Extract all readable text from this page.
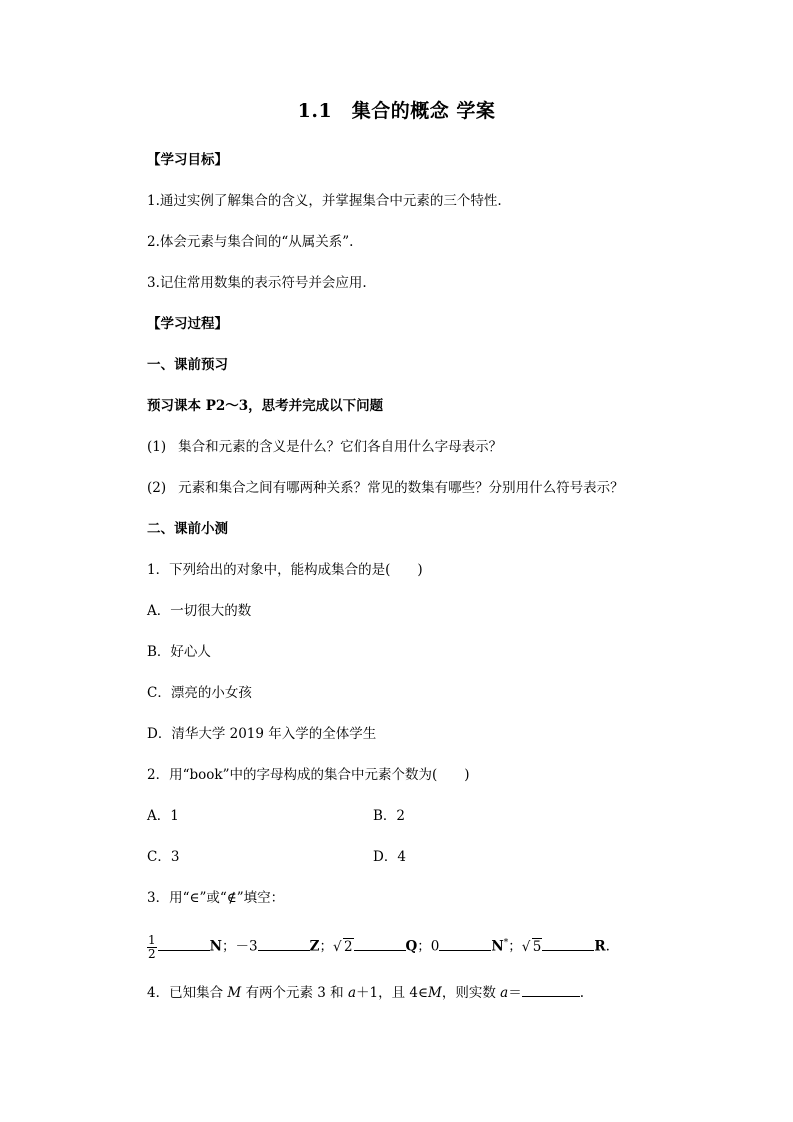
1.1　集合的概念 学案
【学习目标】
1.通过实例了解集合的含义，并掌握集合中元素的三个特性.
2.体会元素与集合间的“从属关系”.
3.记住常用数集的表示符号并会应用.
【学习过程】
一、课前预习
预习课本 P2～3，思考并完成以下问题
(1) 集合和元素的含义是什么？它们各自用什么字母表示？
(2) 元素和集合之间有哪两种关系？常见的数集有哪些？分别用什么符号表示？
二、课前小测
1．下列给出的对象中，能构成集合的是(　　)
A．一切很大的数
B．好心人
C．漂亮的小女孩
D．清华大学 2019 年入学的全体学生
2．用“book”中的字母构成的集合中元素个数为(　　)
A．1	B．2
C．3	D．4
3．用“∈”或“∉”填空：
$\frac{1}{2}$	N；－3	Z； √ 2	Q；0	N*； √ 5	R.
4．已知集合 M 有两个元素 3 和 a＋1，且 4∈M，则实数 a＝	.
